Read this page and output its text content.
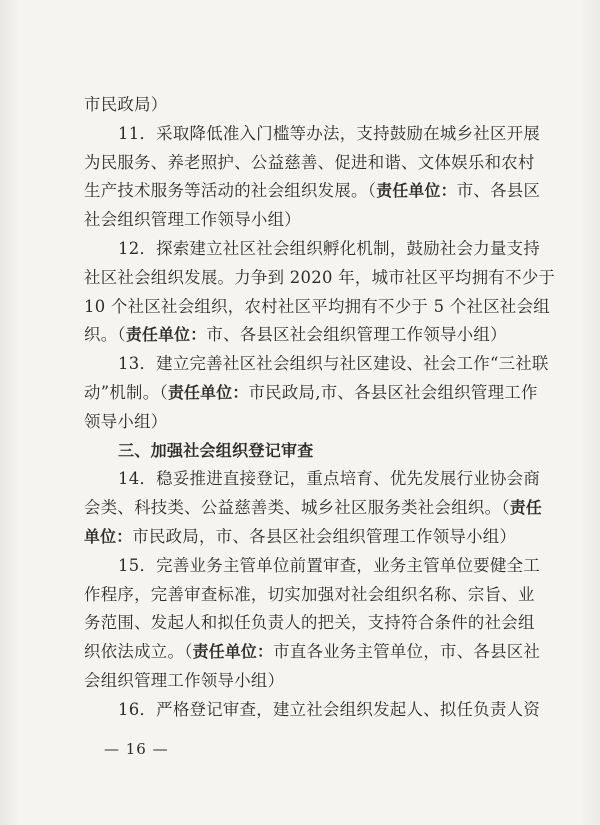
市民政局）
11．采取降低准入门槛等办法，支持鼓励在城乡社区开展
为民服务、养老照护、公益慈善、促进和谐、文体娱乐和农村
生产技术服务等活动的社会组织发展。（责任单位：市、各县区
社会组织管理工作领导小组）
12．探索建立社区社会组织孵化机制，鼓励社会力量支持
社区社会组织发展。力争到 2020 年，城市社区平均拥有不少于
10 个社区社会组织，农村社区平均拥有不少于 5 个社区社会组
织。（责任单位：市、各县区社会组织管理工作领导小组）
13．建立完善社区社会组织与社区建设、社会工作“三社联
动”机制。（责任单位：市民政局,市、各县区社会组织管理工作
领导小组）
三、加强社会组织登记审查
14．稳妥推进直接登记，重点培育、优先发展行业协会商
会类、科技类、公益慈善类、城乡社区服务类社会组织。（责任
单位：市民政局，市、各县区社会组织管理工作领导小组）
15．完善业务主管单位前置审查，业务主管单位要健全工
作程序，完善审查标准，切实加强对社会组织名称、宗旨、业
务范围、发起人和拟任负责人的把关，支持符合条件的社会组
织依法成立。（责任单位：市直各业务主管单位，市、各县区社
会组织管理工作领导小组）
16．严格登记审查，建立社会组织发起人、拟任负责人资
— 16 —
